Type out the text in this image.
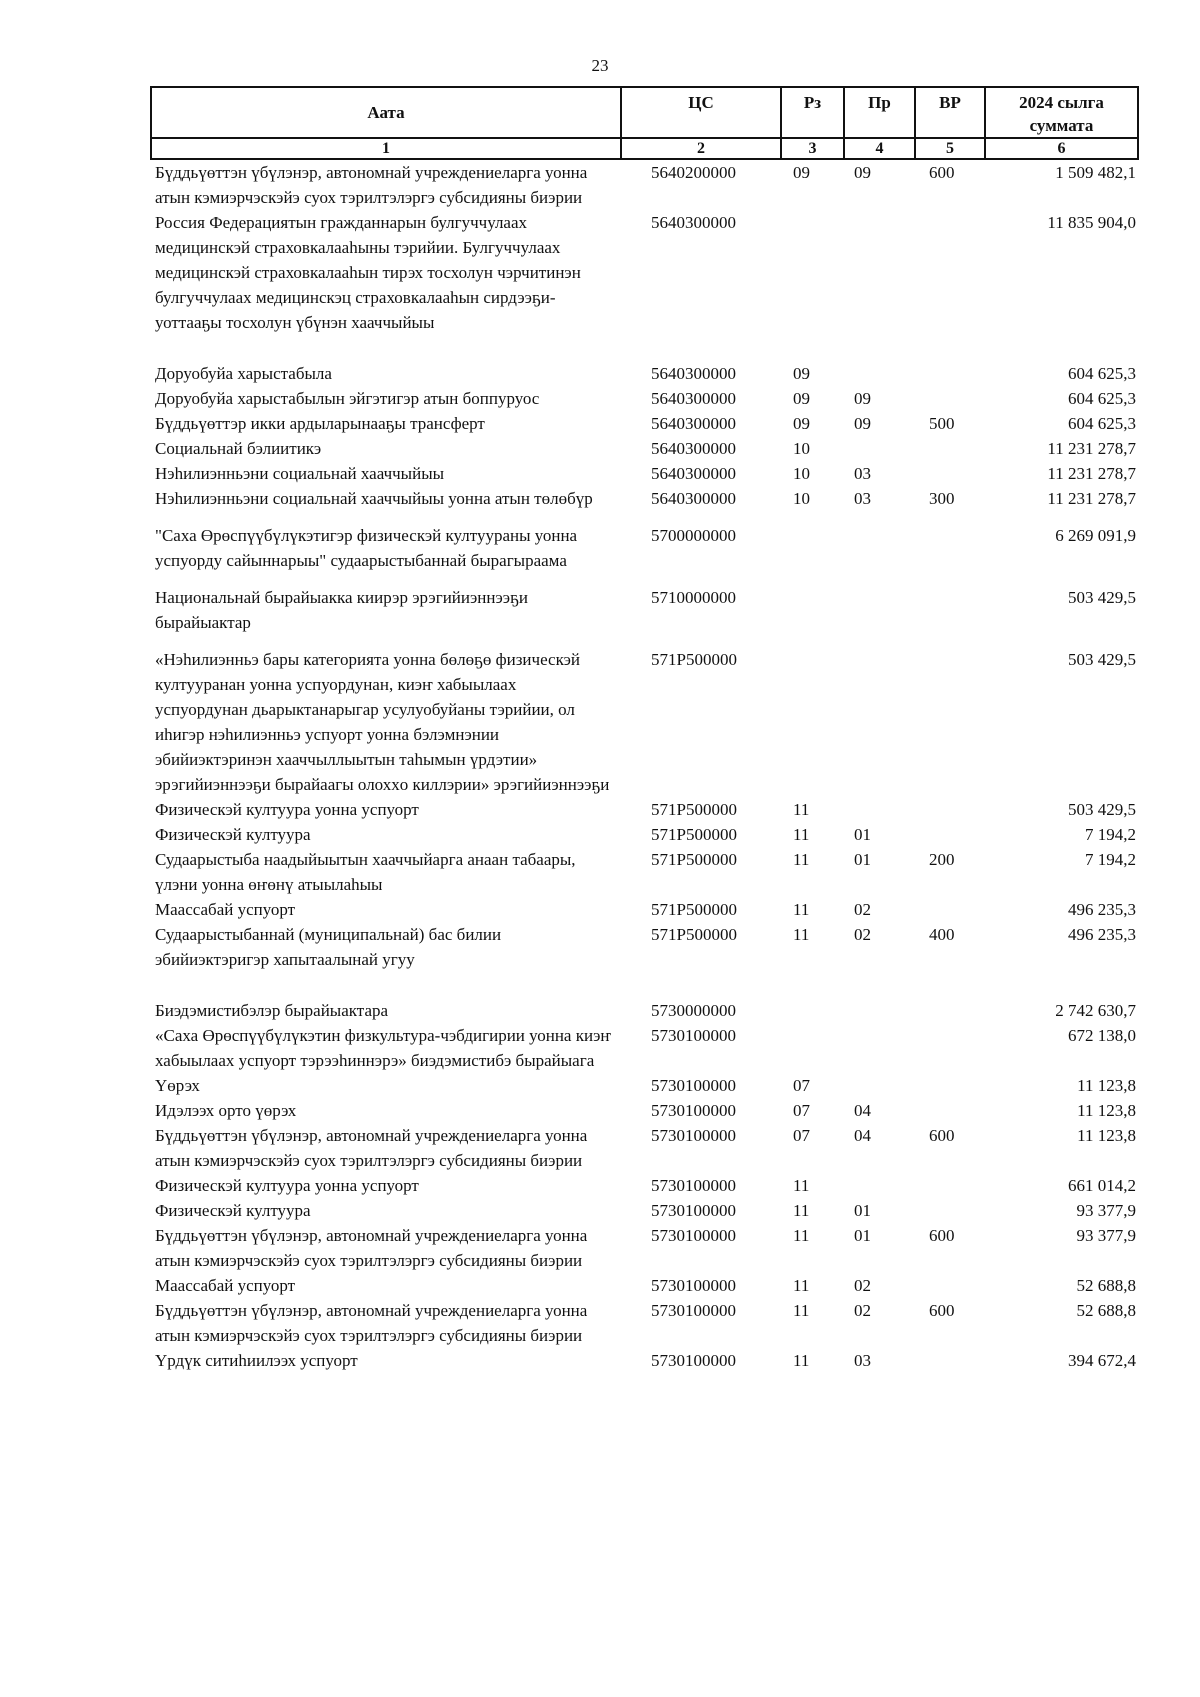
23
Аата	ЦС	Рз	Пр	ВР	2024 сылга суммата
1	2	3	4	5	6
Бүддьүөттэн үбүлэнэр, автономнай учреждениеларга уонна атын кэмиэрчэскэйэ суох тэрилтэлэргэ субсидияны биэрии	5640200000	09	09	600	1 509 482,1
Россия Федерациятын гражданнарын булгуччулаах медицинскэй страховкалааһыны тэрийии. Булгуччулаах медицинскэй страховкалааһын тирэх тосхолун чэрчитинэн булгуччулаах медицинскэц страховкалааһын сирдээҕи-уоттааҕы тосхолун үбүнэн хааччыйыы	5640300000				11 835 904,0
Доруобуйа харыстабыла	5640300000	09			604 625,3
Доруобуйа харыстабылын эйгэтигэр атын боппуруос	5640300000	09	09		604 625,3
Бүддьүөттэр икки ардыларынааҕы трансферт	5640300000	09	09	500	604 625,3
Социальнай бэлиитикэ	5640300000	10			11 231 278,7
Нэһилиэнньэни социальнай хааччыйыы	5640300000	10	03		11 231 278,7
Нэһилиэнньэни социальнай хааччыйыы уонна атын төлөбүр	5640300000	10	03	300	11 231 278,7
"Саха Өрөспүүбүлүкэтигэр физическэй култуураны уонна успуорду сайыннарыы" судаарыстыбаннай бырагыраама	5700000000				6 269 091,9
Национальнай бырайыакка киирэр эрэгийиэннээҕи бырайыактар	5710000000				503 429,5
«Нэһилиэнньэ бары категорията уонна бөлөҕө физическэй култууранан уонна успуордунан, киэҥ хабыылаах успуордунан дьарыктанарыгар усулуобуйаны тэрийии, ол иһигэр нэһилиэнньэ успуорт уонна бэлэмнэнии эбийиэктэринэн хааччыллыытын таһымын үрдэтии» эрэгийиэннээҕи бырайаагы олохxо киллэрии» эрэгийиэннээҕи	571Р500000				503 429,5
Физическэй култуура уонна успуорт	571Р500000	11			503 429,5
Физическэй култуура	571Р500000	11	01		7 194,2
Судаарыстыба наадыйыытын хааччыйарга анаан табаары, үлэни уонна өҥөнү атыылаһыы	571Р500000	11	01	200	7 194,2
Маассабай успуорт	571Р500000	11	02		496 235,3
Судаарыстыбаннай (муниципальнай) бас билии эбийиэктэригэр хапытаалынай угуу	571Р500000	11	02	400	496 235,3
Биэдэмистибэлэр бырайыактара	5730000000				2 742 630,7
«Саха Өрөспүүбүлүкэтин физкультура-чэбдигирии уонна киэҥ хабыылаах успуорт тэрээһиннэрэ» биэдэмистибэ бырайыага	5730100000				672 138,0
Үөрэх	5730100000	07			11 123,8
Идэлээх орто үөрэх	5730100000	07	04		11 123,8
Бүддьүөттэн үбүлэнэр, автономнай учреждениеларга уонна атын кэмиэрчэскэйэ суох тэрилтэлэргэ субсидияны биэрии	5730100000	07	04	600	11 123,8
Физическэй култуура уонна успуорт	5730100000	11			661 014,2
Физическэй култуура	5730100000	11	01		93 377,9
Бүддьүөттэн үбүлэнэр, автономнай учреждениеларга уонна атын кэмиэрчэскэйэ суох тэрилтэлэргэ субсидияны биэрии	5730100000	11	01	600	93 377,9
Маассабай успуорт	5730100000	11	02		52 688,8
Бүддьүөттэн үбүлэнэр, автономнай учреждениеларга уонна атын кэмиэрчэскэйэ суох тэрилтэлэргэ субсидияны биэрии	5730100000	11	02	600	52 688,8
Үрдүк ситиһиилээх успуорт	5730100000	11	03		394 672,4
